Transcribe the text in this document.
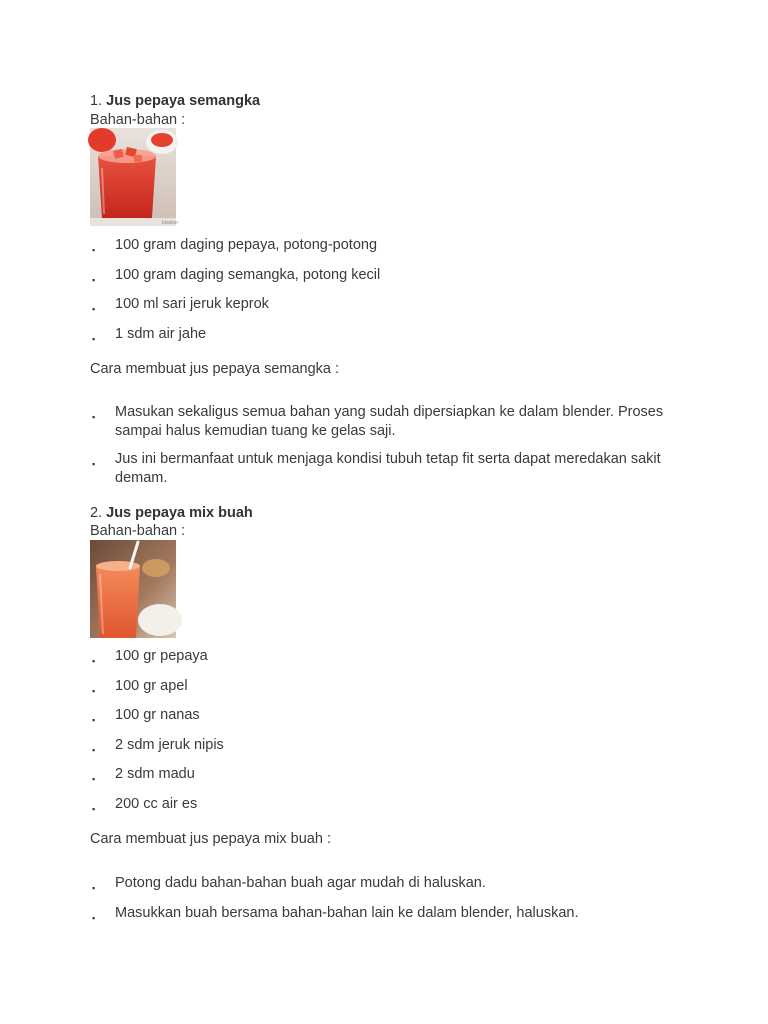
1. Jus pepaya semangka
Bahan-bahan :
blasker
▪
100 gram daging pepaya, potong-potong
▪
100 gram daging semangka, potong kecil
▪
100 ml sari jeruk keprok
▪
1 sdm air jahe
Cara membuat jus pepaya semangka :
▪
Masukan sekaligus semua bahan yang sudah dipersiapkan ke dalam blender. Proses sampai halus kemudian tuang ke gelas saji.
▪
Jus ini bermanfaat untuk menjaga kondisi tubuh tetap fit serta dapat meredakan sakit demam.
2. Jus pepaya mix buah
Bahan-bahan :
▪
100 gr pepaya
▪
100 gr apel
▪
100 gr nanas
▪
2 sdm jeruk nipis
▪
2 sdm madu
▪
200 cc air es
Cara membuat jus pepaya mix buah :
▪
Potong dadu bahan-bahan buah agar mudah di haluskan.
▪
Masukkan buah bersama bahan-bahan lain ke dalam blender, haluskan.
